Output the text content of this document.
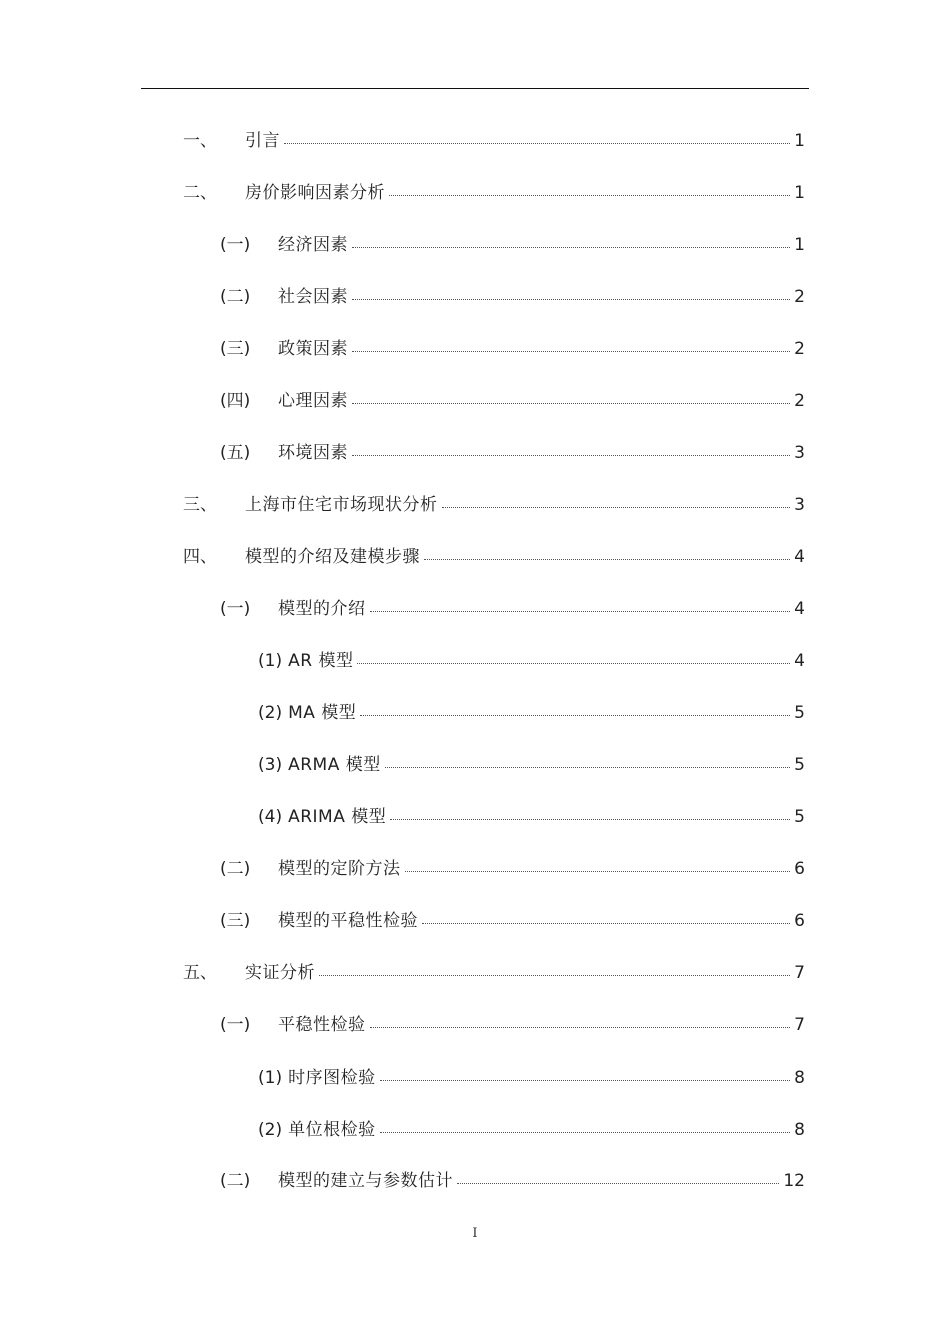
一、	引言	1
二、	房价影响因素分析	1
(一)	经济因素	1
(二)	社会因素	2
(三)	政策因素	2
(四)	心理因素	2
(五)	环境因素	3
三、	上海市住宅市场现状分析	3
四、	模型的介绍及建模步骤	4
(一)	模型的介绍	4
(1) AR 模型	4
(2) MA 模型	5
(3) ARMA 模型	5
(4) ARIMA 模型	5
(二)	模型的定阶方法	6
(三)	模型的平稳性检验	6
五、	实证分析	7
(一)	平稳性检验	7
(1) 时序图检验	8
(2) 单位根检验	8
(二)	模型的建立与参数估计	12
I
